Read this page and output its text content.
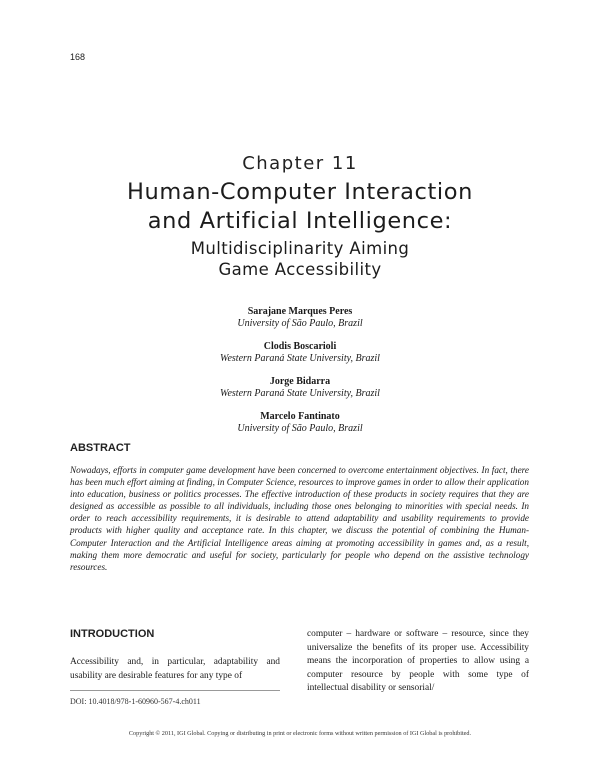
168
Chapter 11
Human-Computer Interaction
and Artificial Intelligence:
Multidisciplinarity Aiming
Game Accessibility
Sarajane Marques Peres
University of São Paulo, Brazil
Clodis Boscarioli
Western Paraná State University, Brazil
Jorge Bidarra
Western Paraná State University, Brazil
Marcelo Fantinato
University of São Paulo, Brazil
ABSTRACT
Nowadays, efforts in computer game development have been concerned to overcome entertainment objectives. In fact, there has been much effort aiming at finding, in Computer Science, resources to improve games in order to allow their application into education, business or politics processes. The effective introduction of these products in society requires that they are designed as accessible as possible to all individuals, including those ones belonging to minorities with special needs. In order to reach accessibility requirements, it is desirable to attend adaptability and usability requirements to provide products with higher quality and acceptance rate. In this chapter, we discuss the potential of combining the Human-Computer Interaction and the Artificial Intelligence areas aiming at promoting accessibility in games and, as a result, making them more democratic and useful for society, particularly for people who depend on the assistive technology resources.
INTRODUCTION
Accessibility and, in particular, adaptability and usability are desirable features for any type of
computer – hardware or software – resource, since they universalize the benefits of its proper use. Accessibility means the incorporation of properties to allow using a computer resource by people with some type of intellectual disability or sensorial/
DOI: 10.4018/978-1-60960-567-4.ch011
Copyright © 2011, IGI Global. Copying or distributing in print or electronic forms without written permission of IGI Global is prohibited.
